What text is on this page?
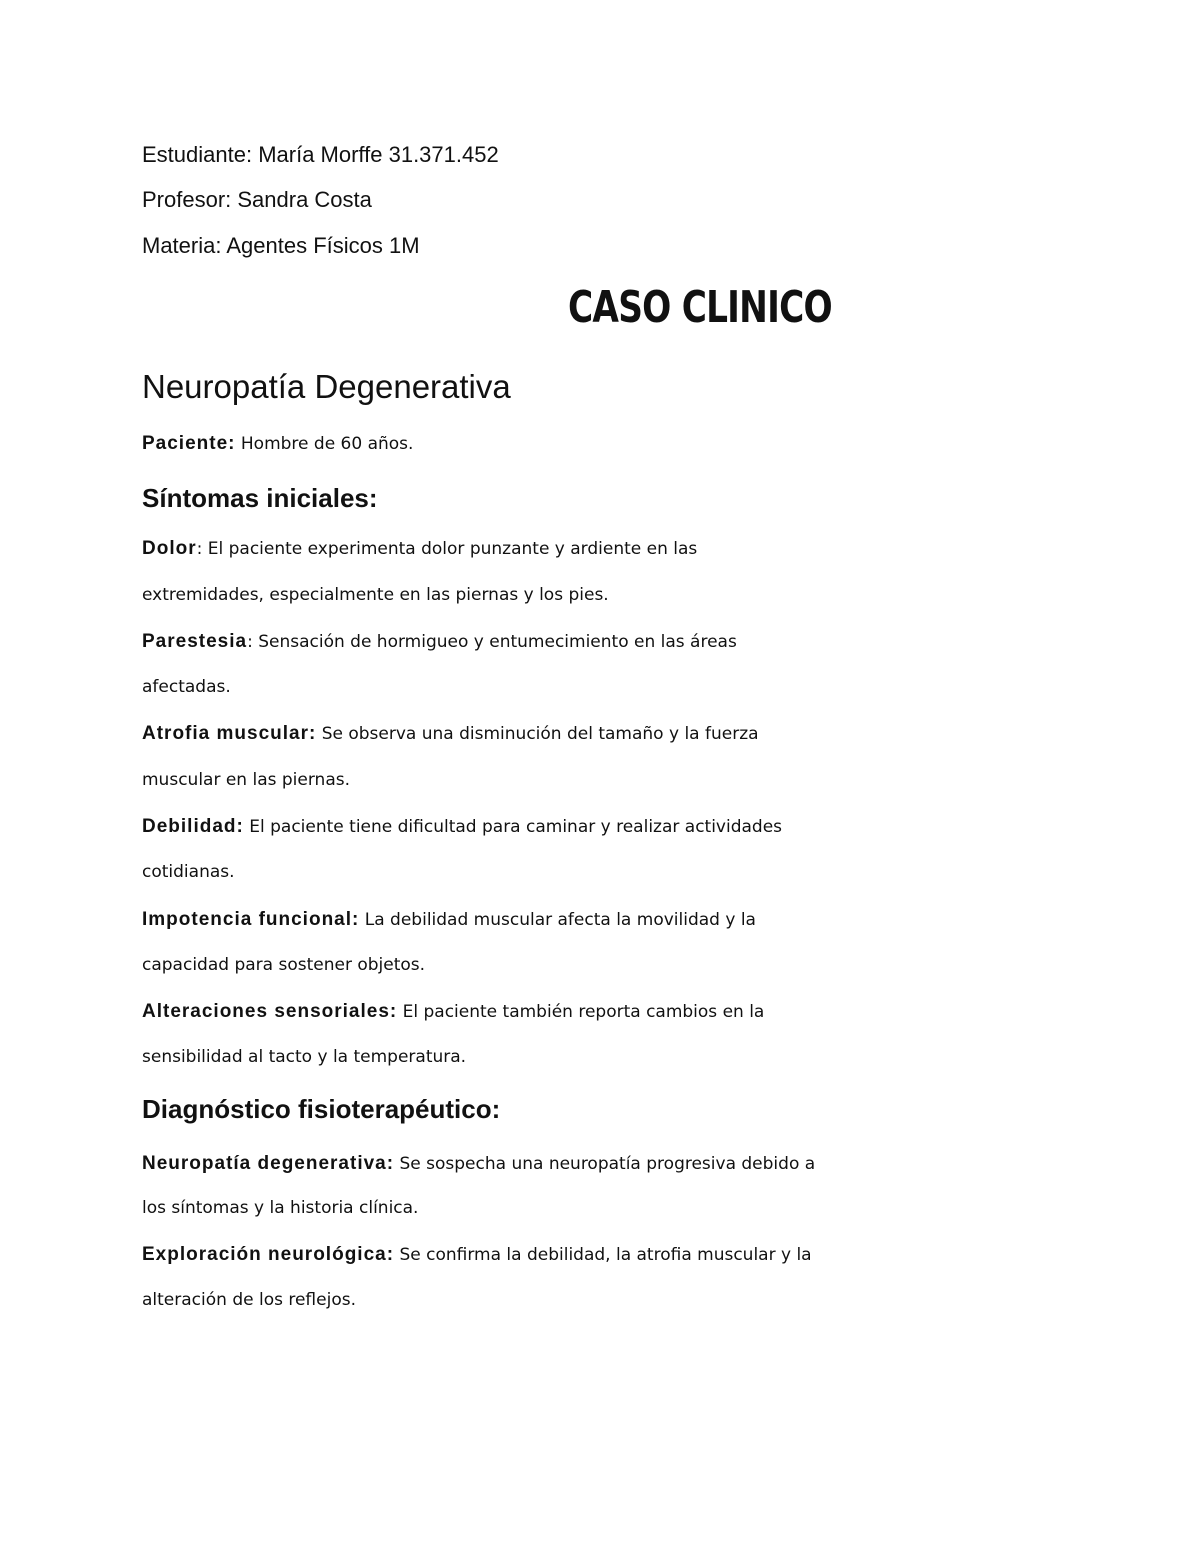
Estudiante: María Morffe 31.371.452
Profesor: Sandra Costa
Materia: Agentes Físicos 1M
CASO CLINICO
Neuropatía Degenerativa
Paciente: Hombre de 60 años.
Síntomas iniciales:
Dolor: El paciente experimenta dolor punzante y ardiente en las
extremidades, especialmente en las piernas y los pies.
Parestesia: Sensación de hormigueo y entumecimiento en las áreas
afectadas.
Atrofia muscular: Se observa una disminución del tamaño y la fuerza
muscular en las piernas.
Debilidad: El paciente tiene dificultad para caminar y realizar actividades
cotidianas.
Impotencia funcional: La debilidad muscular afecta la movilidad y la
capacidad para sostener objetos.
Alteraciones sensoriales: El paciente también reporta cambios en la
sensibilidad al tacto y la temperatura.
Diagnóstico fisioterapéutico:
Neuropatía degenerativa: Se sospecha una neuropatía progresiva debido a
los síntomas y la historia clínica.
Exploración neurológica: Se confirma la debilidad, la atrofia muscular y la
alteración de los reflejos.
